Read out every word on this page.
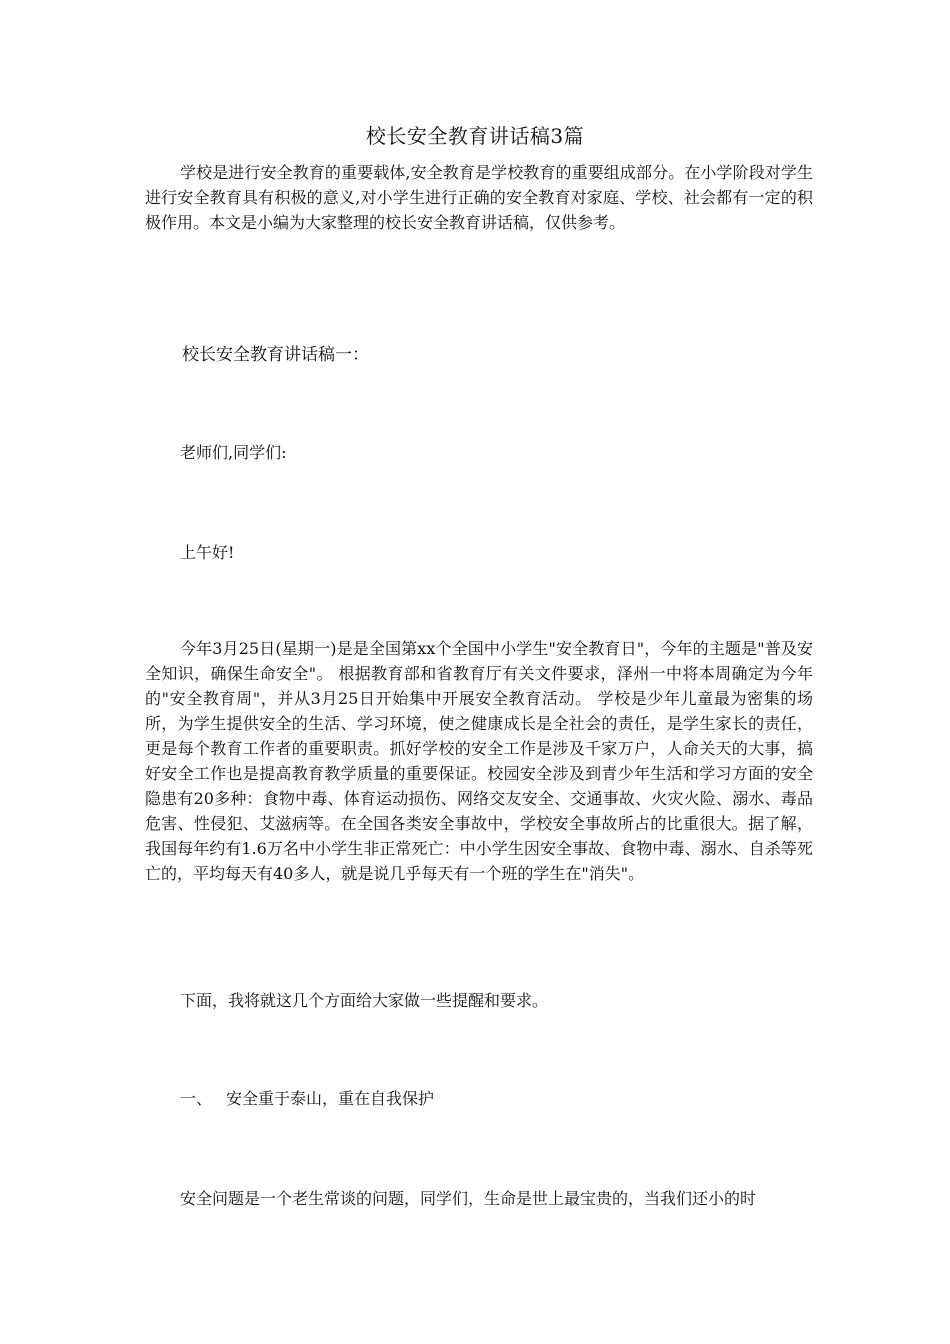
校长安全教育讲话稿3篇

学校是进行安全教育的重要载体,安全教育是学校教育的重要组成部分。在小学阶段对学生进行安全教育具有积极的意义,对小学生进行正确的安全教育对家庭、学校、社会都有一定的积极作用。本文是小编为大家整理的校长安全教育讲话稿，仅供参考。

校长安全教育讲话稿一：
老师们,同学们:
上午好!

今年3月25日(星期一)是是全国第xx个全国中小学生"安全教育日"，今年的主题是"普及安全知识，确保生命安全"。 根据教育部和省教育厅有关文件要求，泽州一中将本周确定为今年的"安全教育周"，并从3月25日开始集中开展安全教育活动。 学校是少年儿童最为密集的场所，为学生提供安全的生活、学习环境，使之健康成长是全社会的责任，是学生家长的责任，更是每个教育工作者的重要职责。抓好学校的安全工作是涉及千家万户，人命关天的大事，搞好安全工作也是提高教育教学质量的重要保证。校园安全涉及到青少年生活和学习方面的安全隐患有20多种：食物中毒、体育运动损伤、网络交友安全、交通事故、火灾火险、溺水、毒品危害、性侵犯、艾滋病等。在全国各类安全事故中，学校安全事故所占的比重很大。据了解，我国每年约有1.6万名中小学生非正常死亡：中小学生因安全事故、食物中毒、溺水、自杀等死亡的，平均每天有40多人，就是说几乎每天有一个班的学生在"消失"。

下面，我将就这几个方面给大家做一些提醒和要求。
一、 安全重于泰山，重在自我保护
安全问题是一个老生常谈的问题，同学们，生命是世上最宝贵的，当我们还小的时
